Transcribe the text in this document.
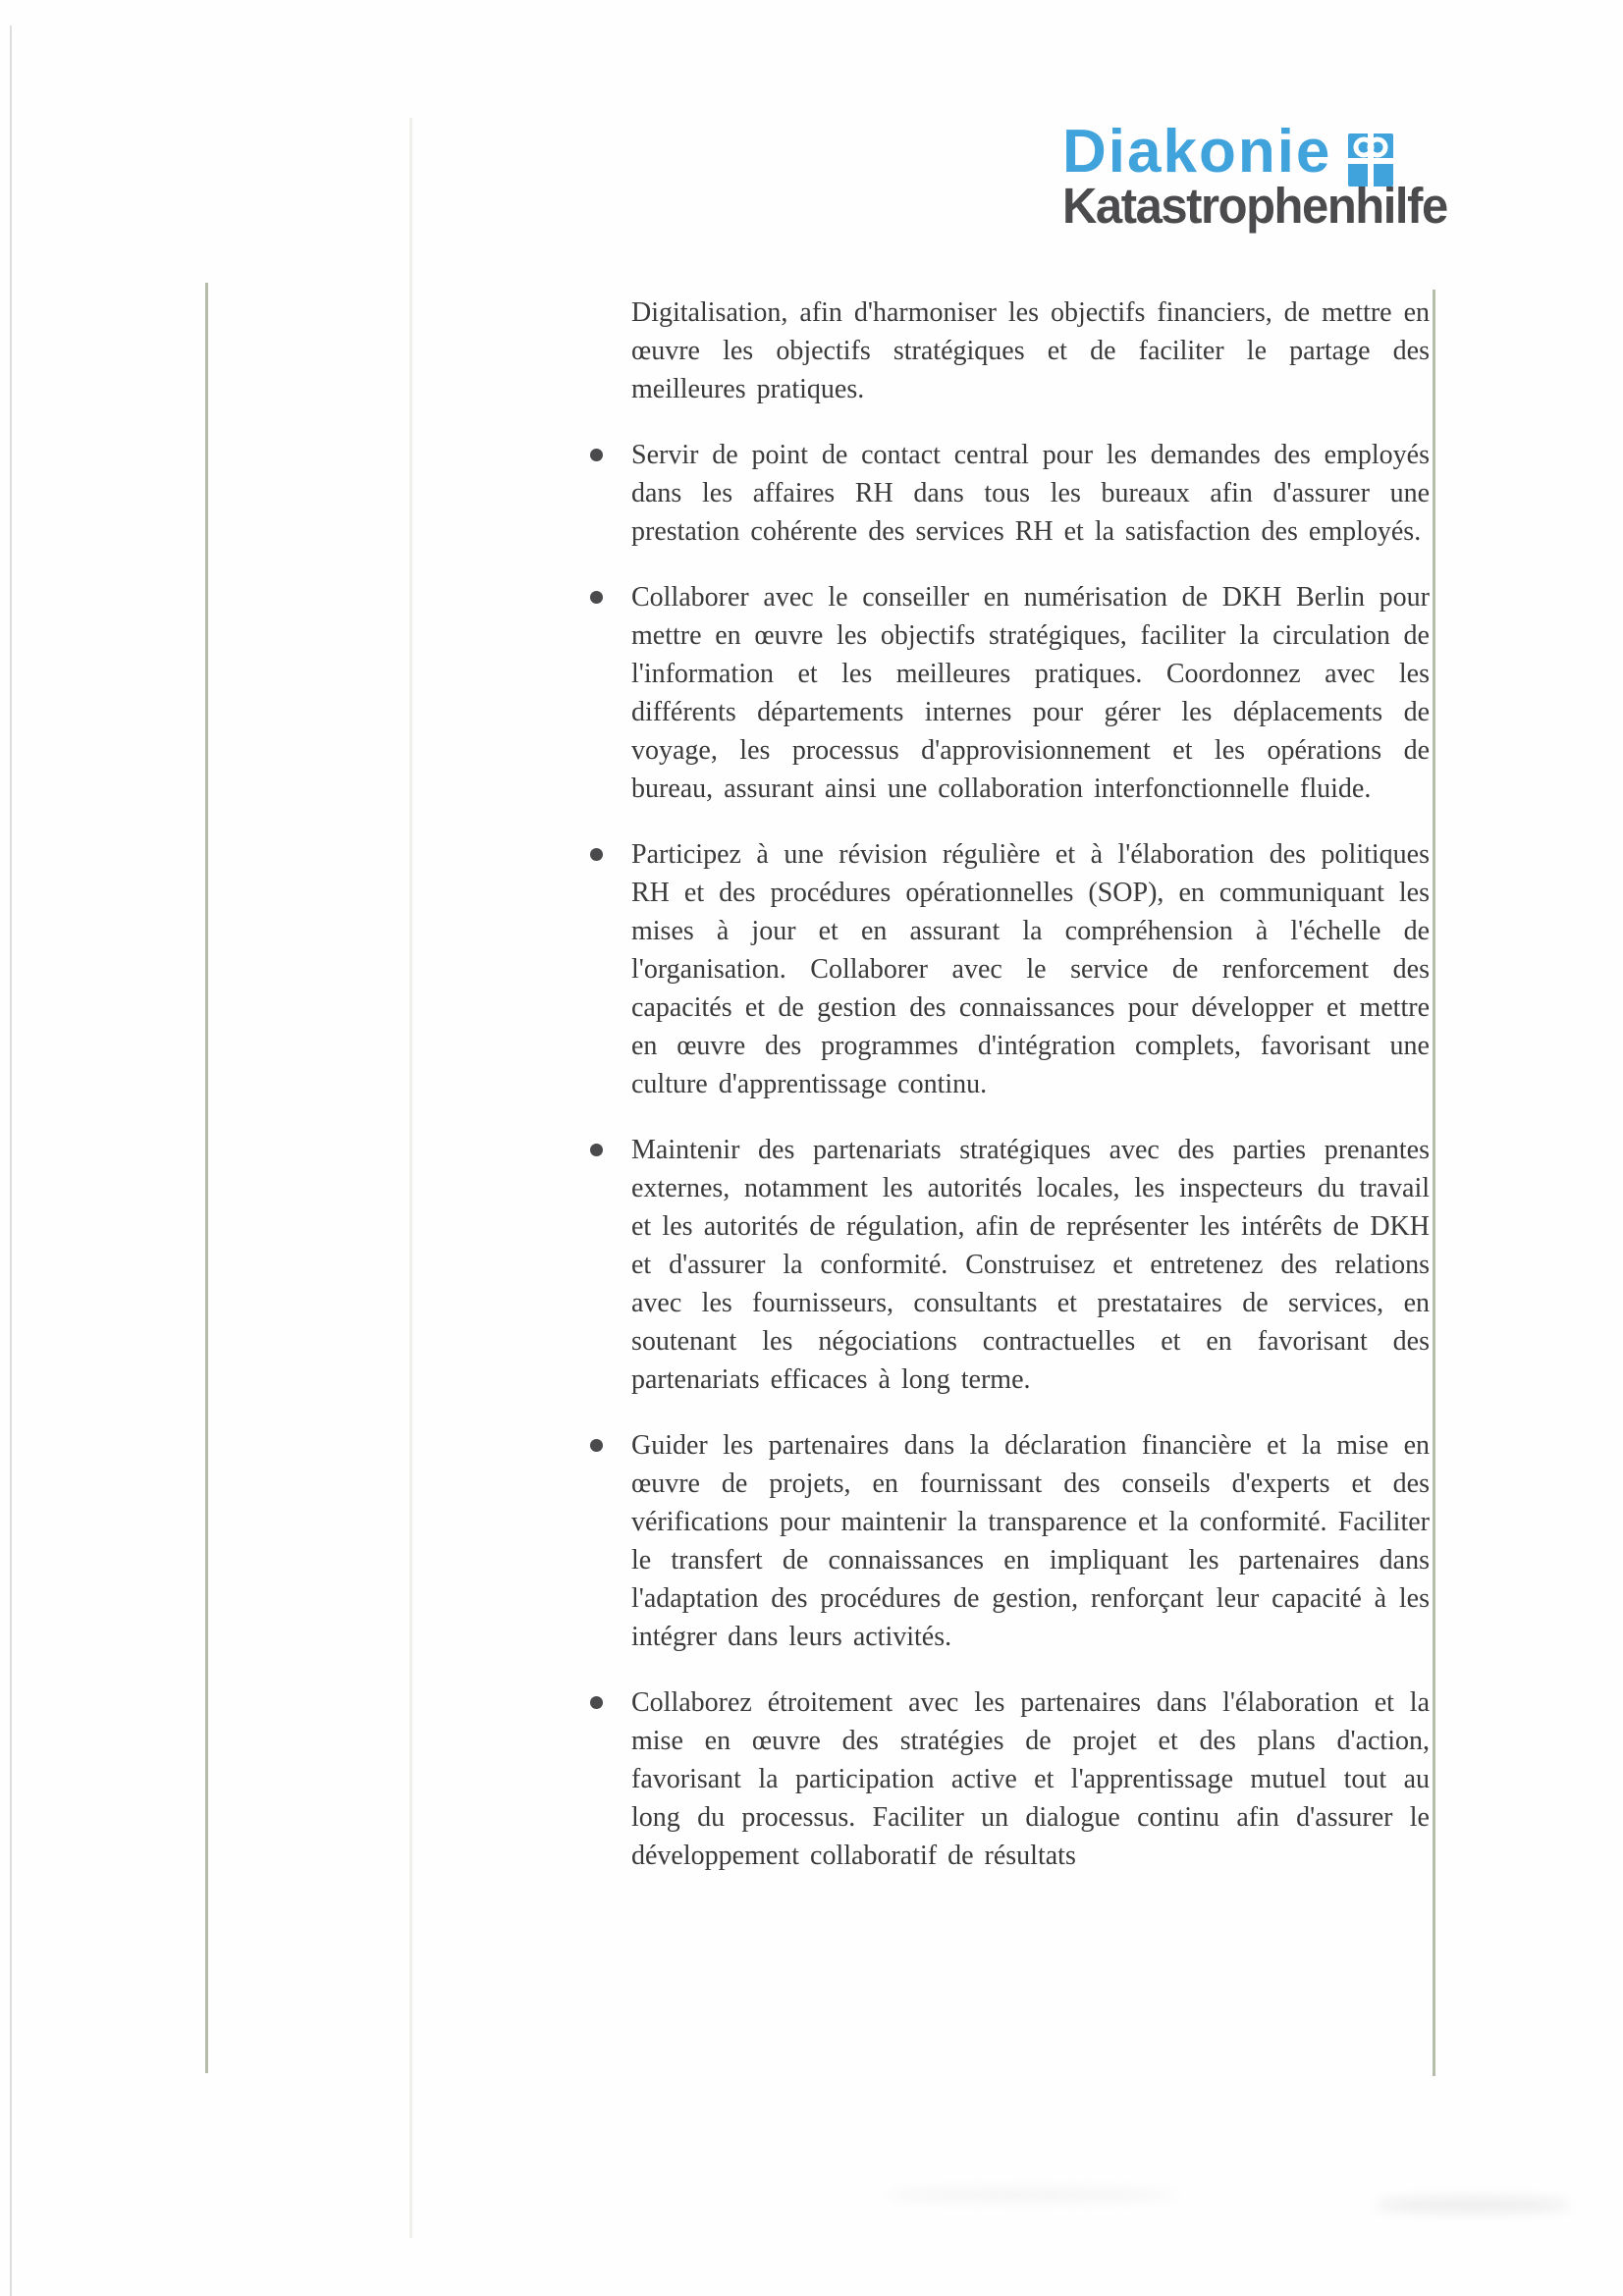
Diakonie
Katastrophenhilfe

Digitalisation, afin d'harmoniser les objectifs financiers, de mettre en œuvre les objectifs stratégiques et de faciliter le partage des meilleures pratiques.

Servir de point de contact central pour les demandes des employés dans les affaires RH dans tous les bureaux afin d'assurer une prestation cohérente des services RH et la satisfaction des employés.
Collaborer avec le conseiller en numérisation de DKH Berlin pour mettre en œuvre les objectifs stratégiques, faciliter la circulation de l'information et les meilleures pratiques. Coordonnez avec les différents départements internes pour gérer les déplacements de voyage, les processus d'approvisionnement et les opérations de bureau, assurant ainsi une collaboration interfonctionnelle fluide.
Participez à une révision régulière et à l'élaboration des politiques RH et des procédures opérationnelles (SOP), en communiquant les mises à jour et en assurant la compréhension à l'échelle de l'organisation. Collaborer avec le service de renforcement des capacités et de gestion des connaissances pour développer et mettre en œuvre des programmes d'intégration complets, favorisant une culture d'apprentissage continu.
Maintenir des partenariats stratégiques avec des parties prenantes externes, notamment les autorités locales, les inspecteurs du travail et les autorités de régulation, afin de représenter les intérêts de DKH et d'assurer la conformité. Construisez et entretenez des relations avec les fournisseurs, consultants et prestataires de services, en soutenant les négociations contractuelles et en favorisant des partenariats efficaces à long terme.
Guider les partenaires dans la déclaration financière et la mise en œuvre de projets, en fournissant des conseils d'experts et des vérifications pour maintenir la transparence et la conformité. Faciliter le transfert de connaissances en impliquant les partenaires dans l'adaptation des procédures de gestion, renforçant leur capacité à les intégrer dans leurs activités.
Collaborez étroitement avec les partenaires dans l'élaboration et la mise en œuvre des stratégies de projet et des plans d'action, favorisant la participation active et l'apprentissage mutuel tout au long du processus. Faciliter un dialogue continu afin d'assurer le développement collaboratif de résultats
